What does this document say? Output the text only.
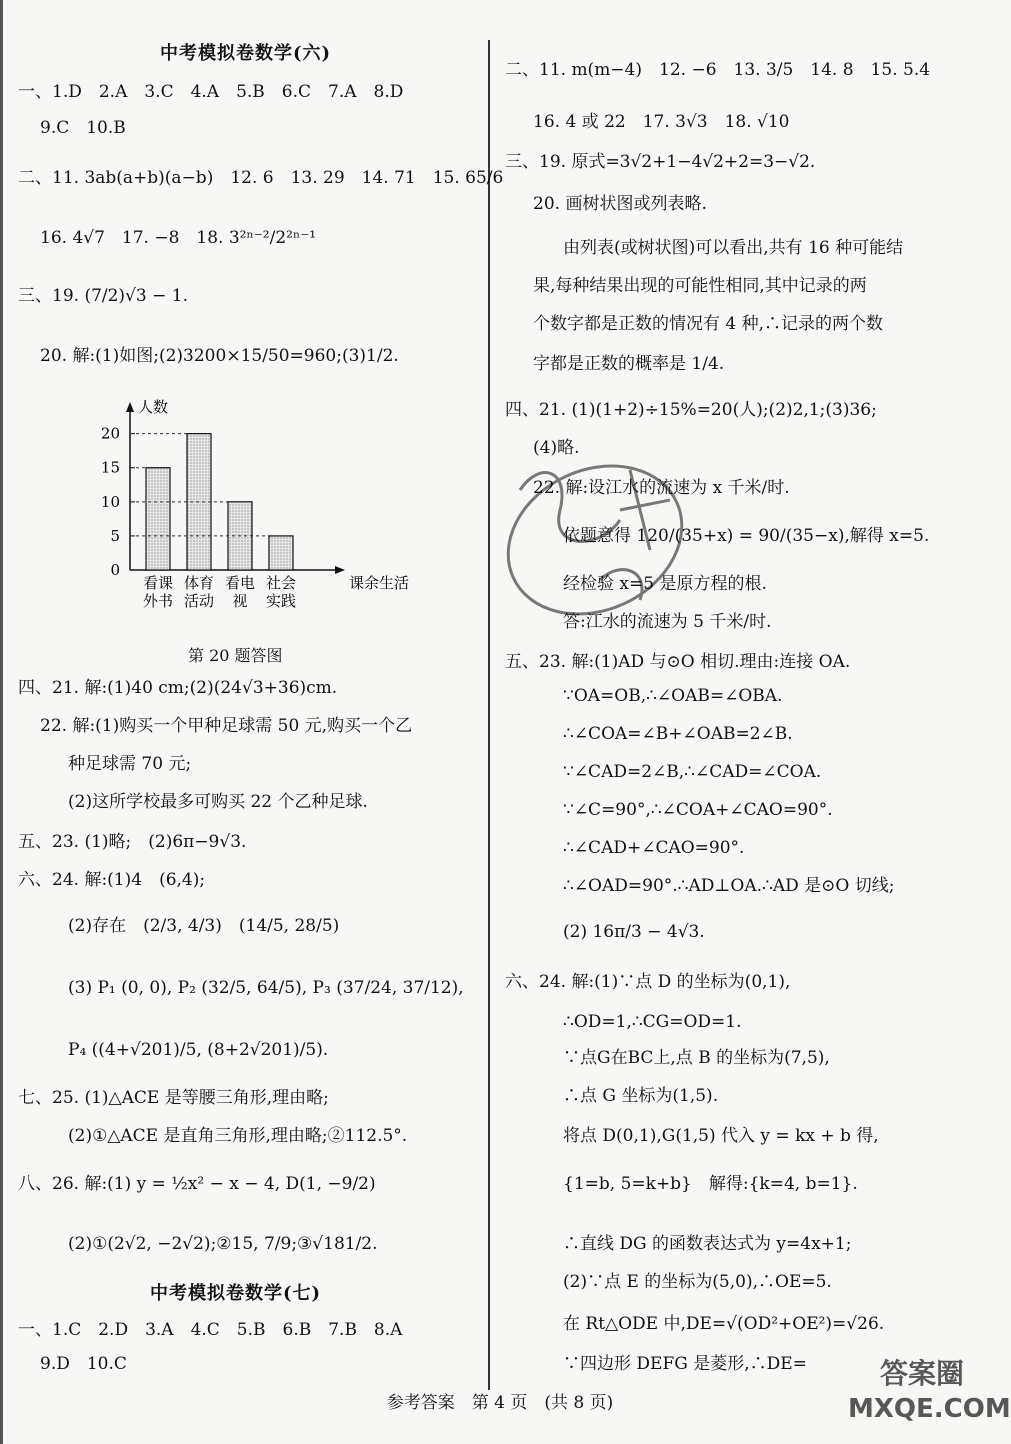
中考模拟卷数学(六)
一、1.D　2.A　3.C　4.A　5.B　6.C　7.A　8.D
9.C　10.B
二、11. 3ab(a+b)(a−b)　12. 6　13. 29　14. 71　15. 65/6
16. 4√7　17. −8　18. 3²ⁿ⁻²/2²ⁿ⁻¹
三、19. (7/2)√3 − 1.
20. 解:(1)如图;(2)3200×15/50=960;(3)1/2.
0
5
10
15
20
人数
课余生活
看课
外书
体育
活动
看电
视
社会
实践
第 20 题答图
四、21. 解:(1)40 cm;(2)(24√3+36)cm.
22. 解:(1)购买一个甲种足球需 50 元,购买一个乙
种足球需 70 元;
(2)这所学校最多可购买 22 个乙种足球.
五、23. (1)略;　(2)6π−9√3.
六、24. 解:(1)4　(6,4);
(2)存在　(2/3, 4/3)　(14/5, 28/5)
(3) P₁ (0, 0), P₂ (32/5, 64/5), P₃ (37/24, 37/12),
P₄ ((4+√201)/5, (8+2√201)/5).
七、25. (1)△ACE 是等腰三角形,理由略;
(2)①△ACE 是直角三角形,理由略;②112.5°.
八、26. 解:(1) y = ½x² − x − 4, D(1, −9/2)
(2)①(2√2, −2√2);②15, 7/9;③√181/2.
中考模拟卷数学(七)
一、1.C　2.D　3.A　4.C　5.B　6.B　7.B　8.A
9.D　10.C
二、11. m(m−4)　12. −6　13. 3/5　14. 8　15. 5.4
16. 4 或 22　17. 3√3　18. √10
三、19. 原式=3√2+1−4√2+2=3−√2.
20. 画树状图或列表略.
由列表(或树状图)可以看出,共有 16 种可能结
果,每种结果出现的可能性相同,其中记录的两
个数字都是正数的情况有 4 种,∴记录的两个数
字都是正数的概率是 1/4.
四、21. (1)(1+2)÷15%=20(人);(2)2,1;(3)36;
(4)略.
22. 解:设江水的流速为 x 千米/时.
依题意得 120/(35+x) = 90/(35−x),解得 x=5.
经检验 x=5 是原方程的根.
答:江水的流速为 5 千米/时.
五、23. 解:(1)AD 与⊙O 相切.理由:连接 OA.
∵OA=OB,∴∠OAB=∠OBA.
∴∠COA=∠B+∠OAB=2∠B.
∵∠CAD=2∠B,∴∠CAD=∠COA.
∵∠C=90°,∴∠COA+∠CAO=90°.
∴∠CAD+∠CAO=90°.
∴∠OAD=90°.∴AD⊥OA.∴AD 是⊙O 切线;
(2) 16π/3 − 4√3.
六、24. 解:(1)∵点 D 的坐标为(0,1),
∴OD=1,∴CG=OD=1.
∵点G在BC上,点 B 的坐标为(7,5),
∴点 G 坐标为(1,5).
将点 D(0,1),G(1,5) 代入 y = kx + b 得,
{1=b, 5=k+b}　解得:{k=4, b=1}.
∴直线 DG 的函数表达式为 y=4x+1;
(2)∵点 E 的坐标为(5,0),∴OE=5.
在 Rt△ODE 中,DE=√(OD²+OE²)=√26.
∵四边形 DEFG 是菱形,∴DE=	答案圈
MXQE.COM
参考答案　第 4 页　(共 8 页)
